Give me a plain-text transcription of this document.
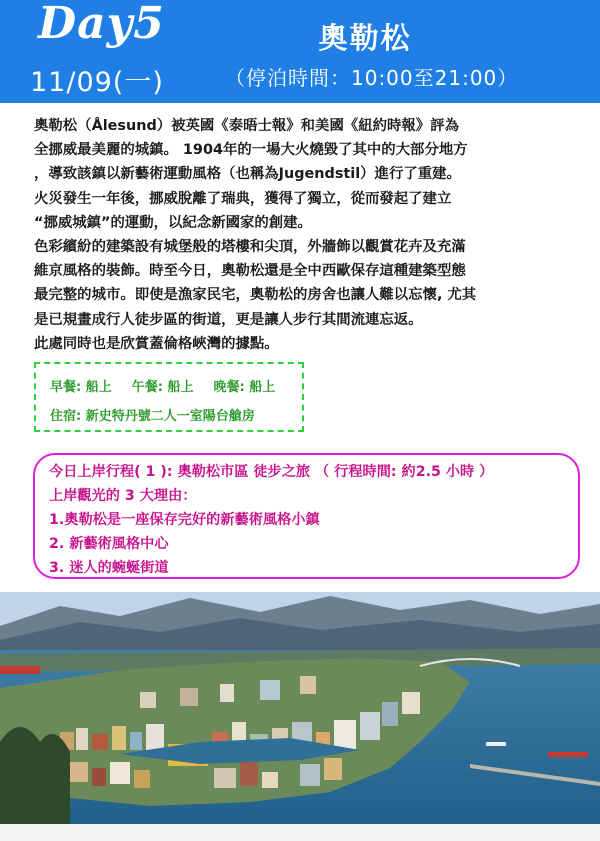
Day5
11/09(一)
奧勒松
（停泊時間：10:00至21:00）

奧勒松（Ålesund）被英國《泰晤士報》和美國《紐約時報》評為

全挪威最美麗的城鎮。 1904年的一場大火燒毀了其中的大部分地方

，導致該鎮以新藝術運動風格（也稱為Jugendstil）進行了重建。

火災發生一年後，挪威脫離了瑞典，獲得了獨立，從而發起了建立

“挪威城鎮”的運動，以紀念新國家的創建。

色彩繽紛的建築設有城堡般的塔樓和尖頂，外牆飾以觀賞花卉及充滿

維京風格的裝飾。時至今日，奧勒松還是全中西歐保存這種建築型態

最完整的城市。即使是漁家民宅，奧勒松的房舍也讓人難以忘懷, 尤其

是已規畫成行人徒步區的街道，更是讓人步行其間流連忘返。

此處同時也是欣賞蓋倫格峽灣的據點。

早餐: 船上 午餐: 船上 晚餐: 船上
住宿: 新史特丹號二人一室陽台艙房
今日上岸行程( 1 ): 奧勒松市區 徒步之旅 （ 行程時間: 約2.5 小時 ）
上岸觀光的 3 大理由：
1.奧勒松是一座保存完好的新藝術風格小鎮
2. 新藝術風格中心
3. 迷人的蜿蜒街道
